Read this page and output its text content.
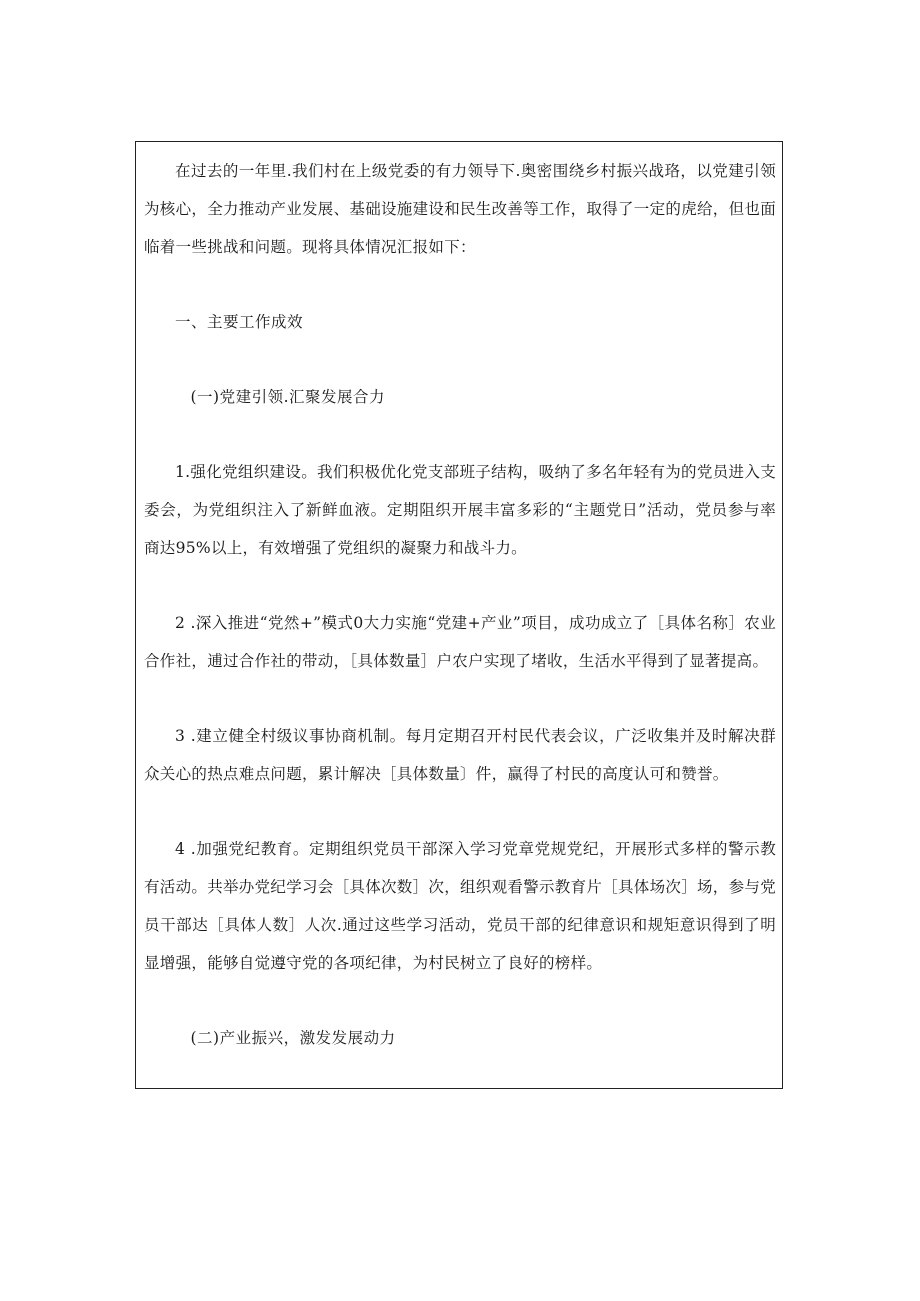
在过去的一年里.我们村在上级党委的有力领导下.奥密围绕乡村振兴战珞，以党建引领为核心，全力推动产业发展、基础设施建设和民生改善等工作，取得了一定的虎给，但也面临着一些挑战和问题。现将具体情况汇报如下：

一、主要工作成效

(一)党建引领.汇聚发展合力

1.强化党组织建设。我们积极优化党支部班子结构，吸纳了多名年轻有为的党员进入支委会，为党组织注入了新鲜血液。定期阻织开展丰富多彩的“主题党日”活动，党员参与率商达95%以上，有效增强了党组织的凝聚力和战斗力。

2 .深入推进“党然+”模式0大力实施“党建+产业”项目，成功成立了［具体名称］农业合作社，逋过合作社的带动，［具体数量］户农户实现了堵收，生活水平得到了显著提高。

3 .建立健全村级议事协商机制。每月定期召开村民代表会议，广泛收集并及时解决群众关心的热点难点问题，累计解决［具体数量〕件，赢得了村民的高度认可和赞誉。

4 .加强党纪教育。定期组织党员干部深入学习党章党规党纪，开展形式多样的警示教有活动。共举办党纪学习会［具体次数］次，组织观看警示教育片［具体场次］场，参与党员干部达［具体人数］人次.通过这些学习活动，党员干部的纪律意识和规矩意识得到了明显增强，能够自觉遵守党的各项纪律，为村民树立了良好的榜样。

(二)产业振兴，激发发展动力
